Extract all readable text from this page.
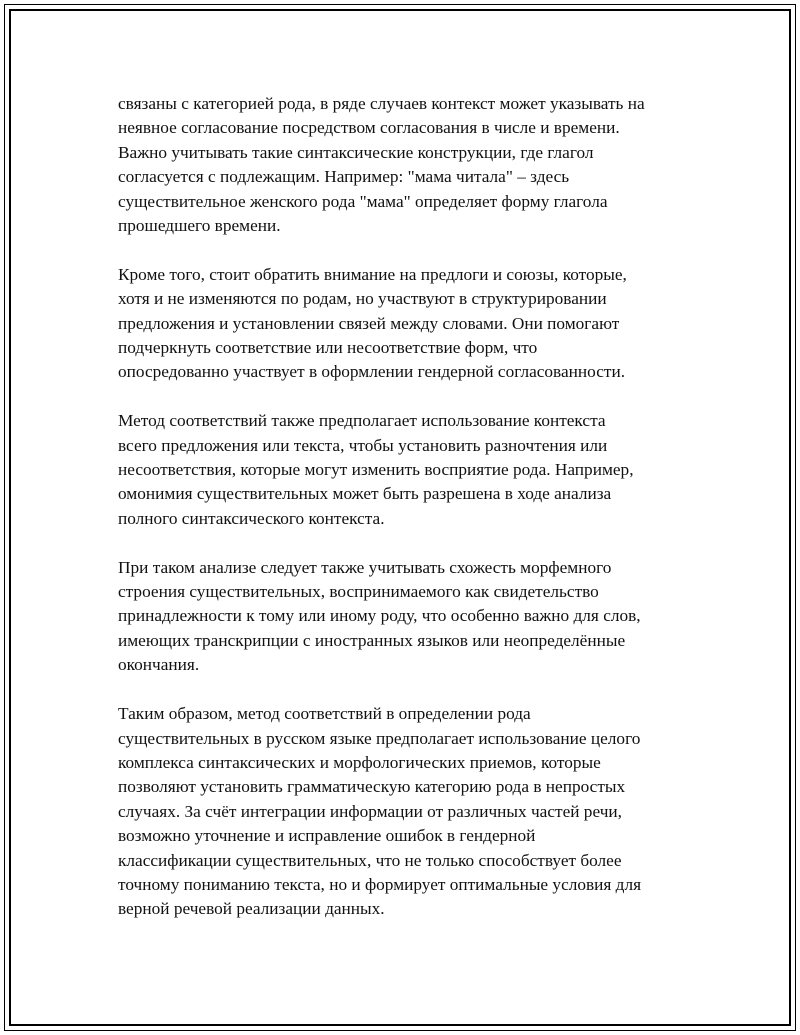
связаны с категорией рода, в ряде случаев контекст может указывать на
неявное согласование посредством согласования в числе и времени.
Важно учитывать такие синтаксические конструкции, где глагол
согласуется с подлежащим. Например: "мама читала" – здесь
существительное женского рода "мама" определяет форму глагола
прошедшего времени.

Кроме того, стоит обратить внимание на предлоги и союзы, которые,
хотя и не изменяются по родам, но участвуют в структурировании
предложения и установлении связей между словами. Они помогают
подчеркнуть соответствие или несоответствие форм, что
опосредованно участвует в оформлении гендерной согласованности.

Метод соответствий также предполагает использование контекста
всего предложения или текста, чтобы установить разночтения или
несоответствия, которые могут изменить восприятие рода. Например,
омонимия существительных может быть разрешена в ходе анализа
полного синтаксического контекста.

При таком анализе следует также учитывать схожесть морфемного
строения существительных, воспринимаемого как свидетельство
принадлежности к тому или иному роду, что особенно важно для слов,
имеющих транскрипции с иностранных языков или неопределённые
окончания.

Таким образом, метод соответствий в определении рода
существительных в русском языке предполагает использование целого
комплекса синтаксических и морфологических приемов, которые
позволяют установить грамматическую категорию рода в непростых
случаях. За счёт интеграции информации от различных частей речи,
возможно уточнение и исправление ошибок в гендерной
классификации существительных, что не только способствует более
точному пониманию текста, но и формирует оптимальные условия для
верной речевой реализации данных.
